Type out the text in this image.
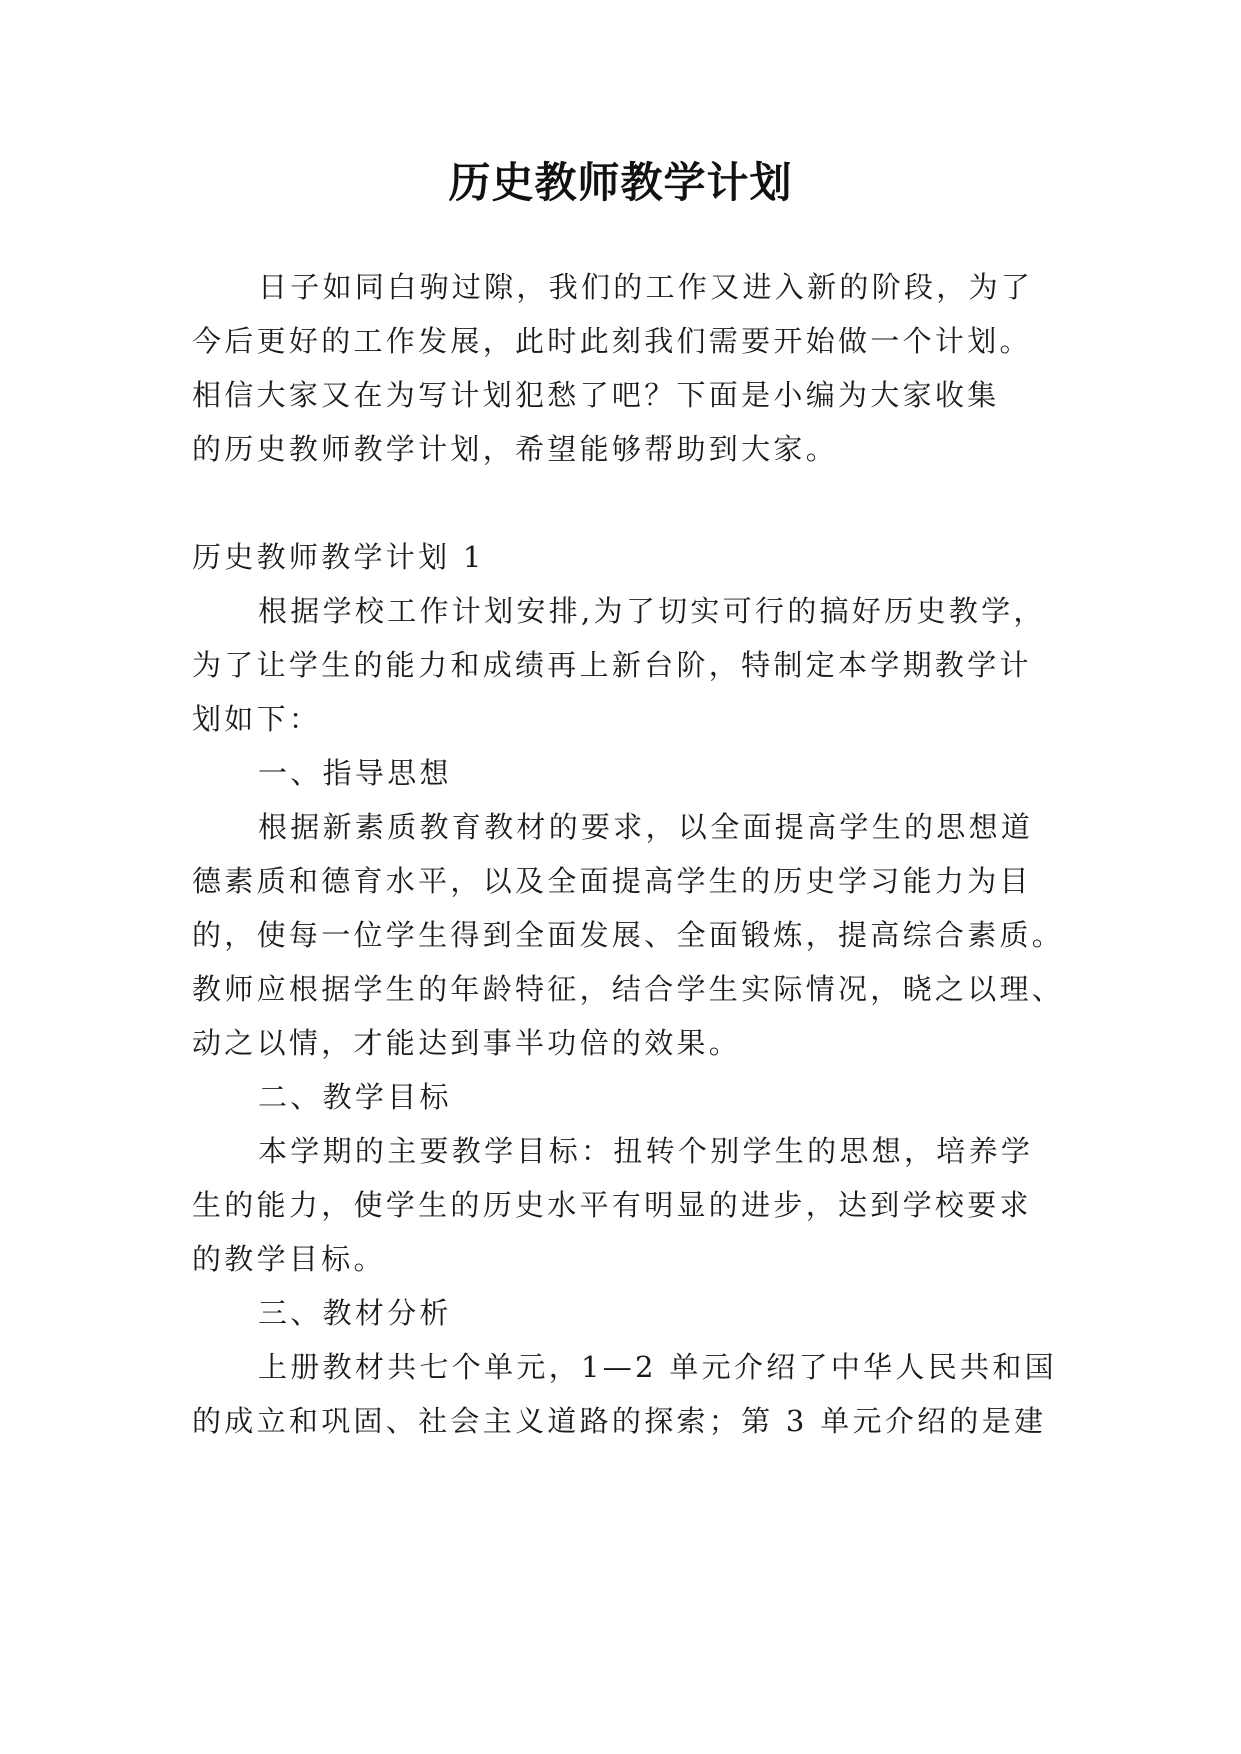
历史教师教学计划
日子如同白驹过隙，我们的工作又进入新的阶段，为了
今后更好的工作发展，此时此刻我们需要开始做一个计划。
相信大家又在为写计划犯愁了吧？下面是小编为大家收集
的历史教师教学计划，希望能够帮助到大家。
历史教师教学计划 1
根据学校工作计划安排,为了切实可行的搞好历史教学，
为了让学生的能力和成绩再上新台阶，特制定本学期教学计
划如下：
一、指导思想
根据新素质教育教材的要求，以全面提高学生的思想道
德素质和德育水平，以及全面提高学生的历史学习能力为目
的，使每一位学生得到全面发展、全面锻炼，提高综合素质。
教师应根据学生的年龄特征，结合学生实际情况，晓之以理、
动之以情，才能达到事半功倍的效果。
二、教学目标
本学期的主要教学目标：扭转个别学生的思想，培养学
生的能力，使学生的历史水平有明显的进步，达到学校要求
的教学目标。
三、教材分析
上册教材共七个单元，1—2 单元介绍了中华人民共和国
的成立和巩固、社会主义道路的探索；第 3 单元介绍的是建
